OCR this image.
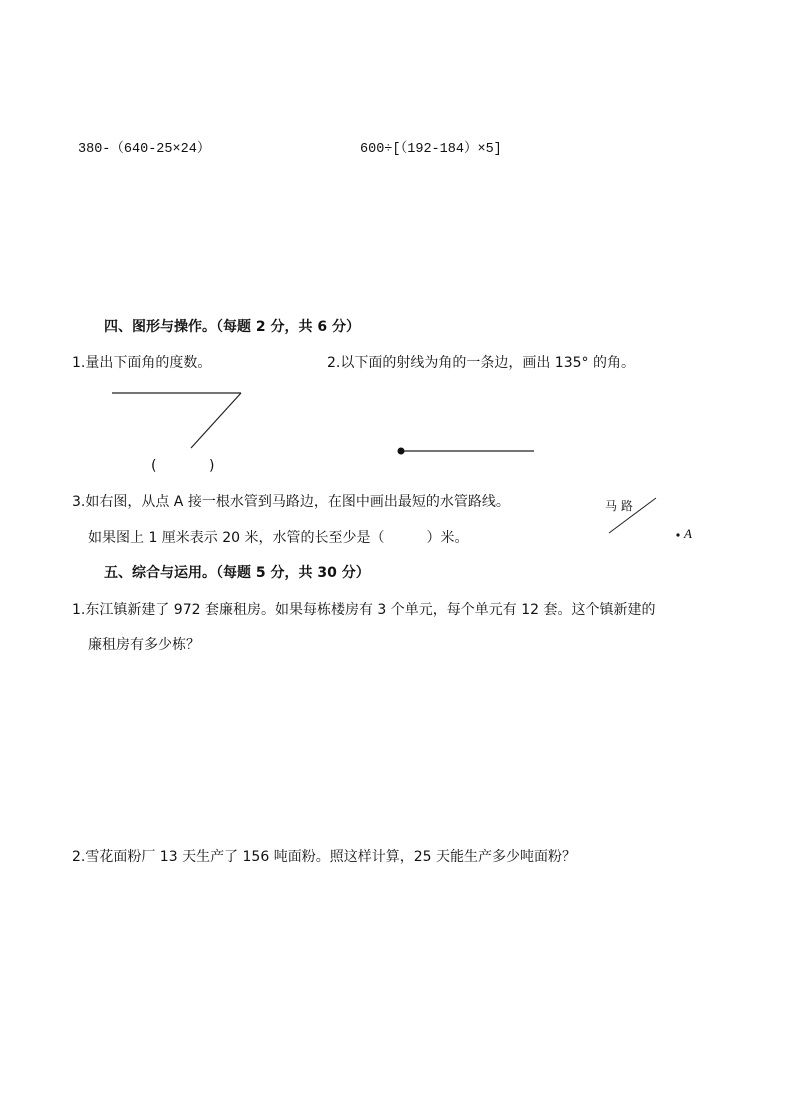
380-（640-25×24）	600÷[（192-184）×5]
四、图形与操作。（每题 2 分，共 6 分）
1.量出下面角的度数。	2.以下面的射线为角的一条边，画出 135° 的角。
(	)
3.如右图，从点 A 接一根水管到马路边，在图中画出最短的水管路线。
如果图上 1 厘米表示 20 米，水管的长至少是（　　　）米。
马 路
A
五、综合与运用。（每题 5 分，共 30 分）
1.东江镇新建了 972 套廉租房。如果每栋楼房有 3 个单元，每个单元有 12 套。这个镇新建的
廉租房有多少栋？
2.雪花面粉厂 13 天生产了 156 吨面粉。照这样计算，25 天能生产多少吨面粉？
